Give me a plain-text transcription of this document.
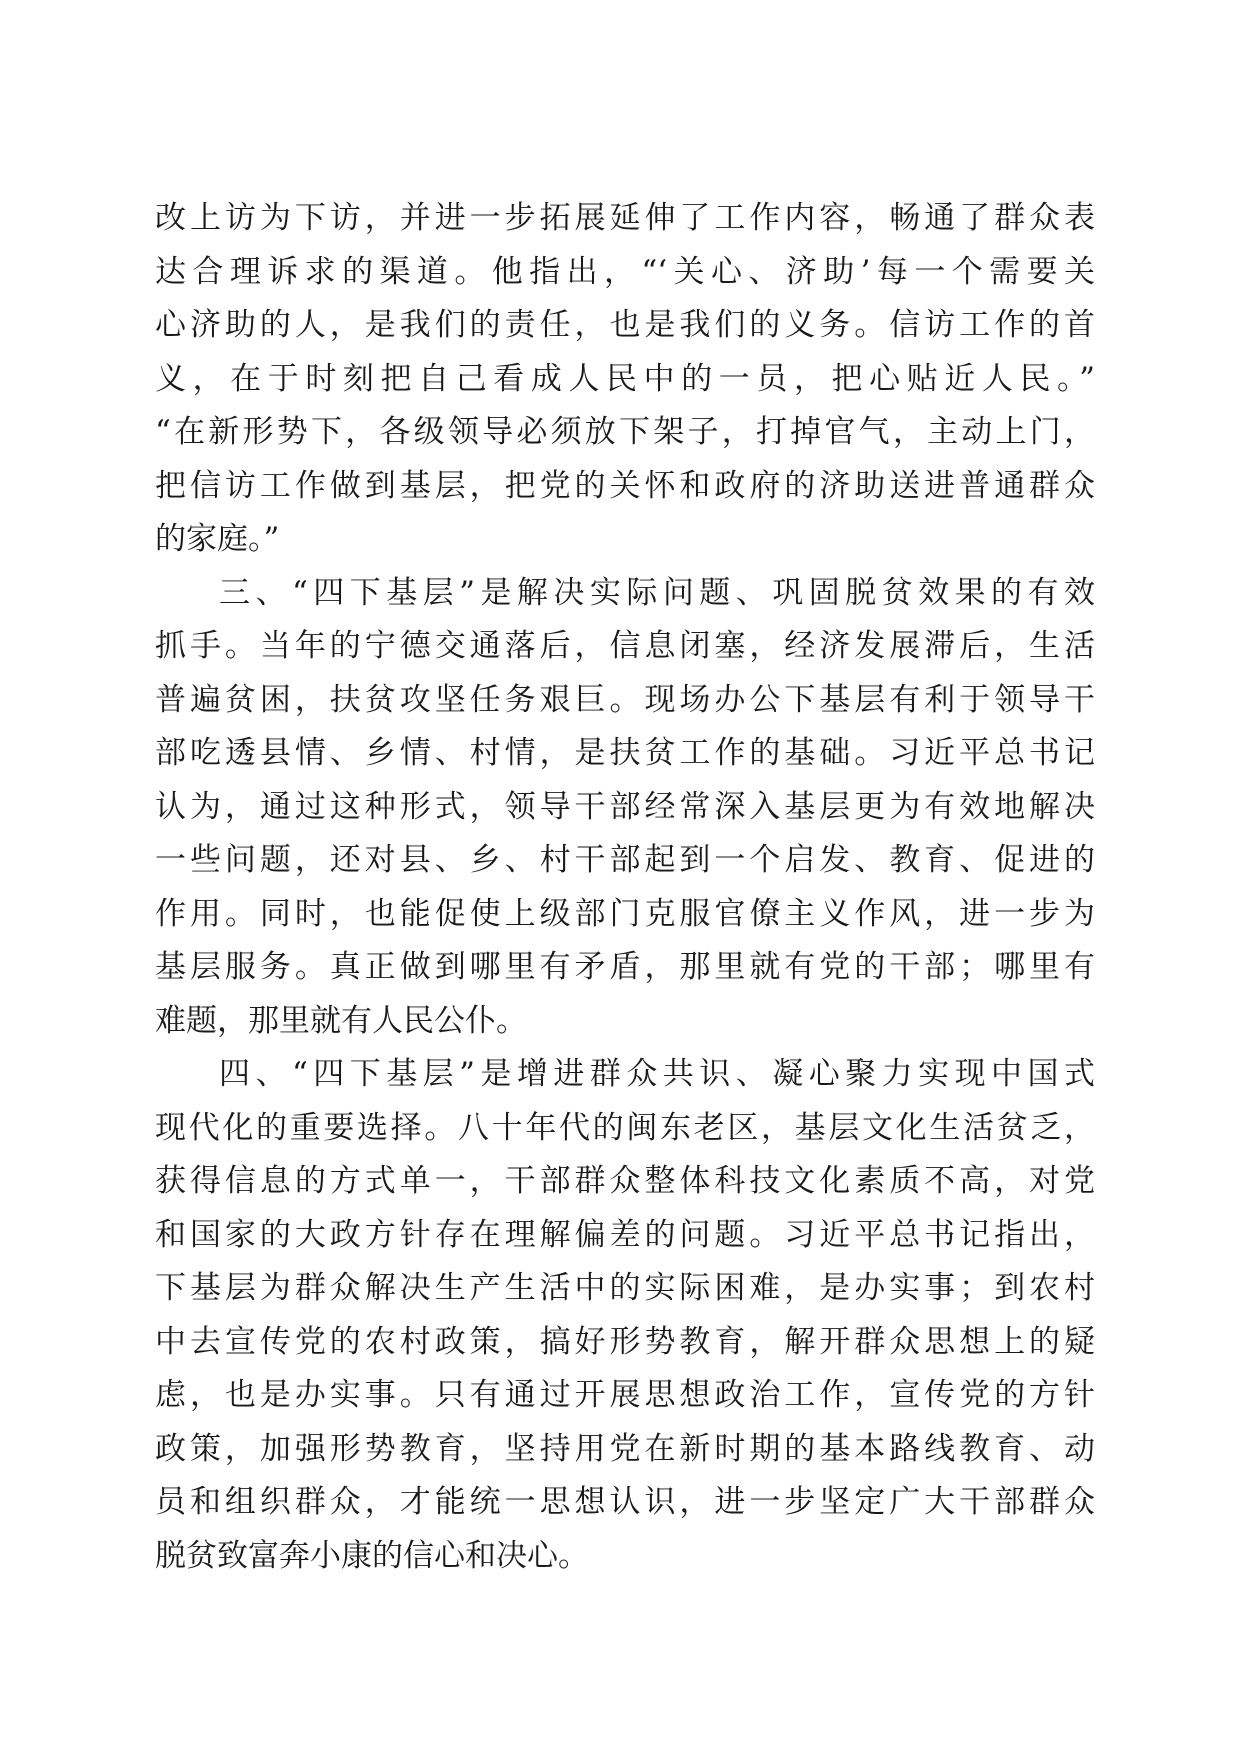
改上访为下访，并进一步拓展延伸了工作内容，畅通了群众表
达合理诉求的渠道。他指出，“‘关心、济助’每一个需要关
心济助的人，是我们的责任，也是我们的义务。信访工作的首
义，在于时刻把自己看成人民中的一员，把心贴近人民。”
“在新形势下，各级领导必须放下架子，打掉官气，主动上门，
把信访工作做到基层，把党的关怀和政府的济助送进普通群众
的家庭。”
三、“四下基层”是解决实际问题、巩固脱贫效果的有效
抓手。当年的宁德交通落后，信息闭塞，经济发展滞后，生活
普遍贫困，扶贫攻坚任务艰巨。现场办公下基层有利于领导干
部吃透县情、乡情、村情，是扶贫工作的基础。习近平总书记
认为，通过这种形式，领导干部经常深入基层更为有效地解决
一些问题，还对县、乡、村干部起到一个启发、教育、促进的
作用。同时，也能促使上级部门克服官僚主义作风，进一步为
基层服务。真正做到哪里有矛盾，那里就有党的干部；哪里有
难题，那里就有人民公仆。
四、“四下基层”是增进群众共识、凝心聚力实现中国式
现代化的重要选择。八十年代的闽东老区，基层文化生活贫乏，
获得信息的方式单一，干部群众整体科技文化素质不高，对党
和国家的大政方针存在理解偏差的问题。习近平总书记指出，
下基层为群众解决生产生活中的实际困难，是办实事；到农村
中去宣传党的农村政策，搞好形势教育，解开群众思想上的疑
虑，也是办实事。只有通过开展思想政治工作，宣传党的方针
政策，加强形势教育，坚持用党在新时期的基本路线教育、动
员和组织群众，才能统一思想认识，进一步坚定广大干部群众
脱贫致富奔小康的信心和决心。
